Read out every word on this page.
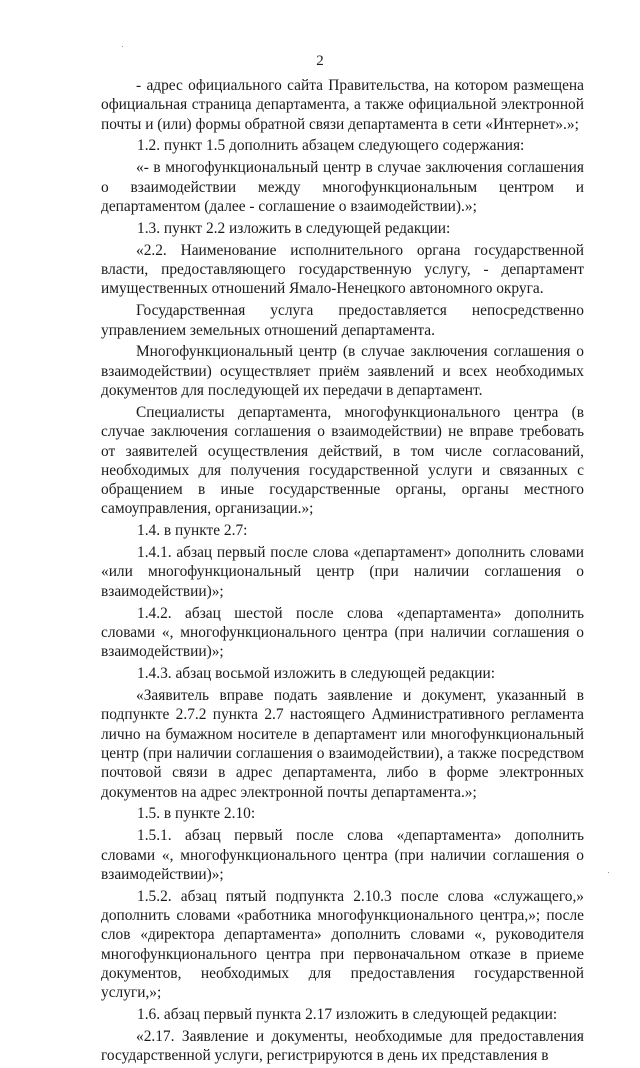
2

- адрес официального сайта Правительства, на котором размещена официальная страница департамента, а также официальной электронной почты и (или) формы обратной связи департамента в сети «Интернет».»;

1.2. пункт 1.5 дополнить абзацем следующего содержания:

«- в многофункциональный центр в случае заключения соглашения о взаимодействии между многофункциональным центром и департаментом (далее - соглашение о взаимодействии).»;

1.3. пункт 2.2 изложить в следующей редакции:

«2.2. Наименование исполнительного органа государственной власти, предоставляющего государственную услугу, - департамент имущественных отношений Ямало-Ненецкого автономного округа.

Государственная услуга предоставляется непосредственно управлением земельных отношений департамента.

Многофункциональный центр (в случае заключения соглашения о взаимодействии) осуществляет приём заявлений и всех необходимых документов для последующей их передачи в департамент.

Специалисты департамента, многофункционального центра (в случае заключения соглашения о взаимодействии) не вправе требовать от заявителей осуществления действий, в том числе согласований, необходимых для получения государственной услуги и связанных с обращением в иные государственные органы, органы местного самоуправления, организации.»;

1.4. в пункте 2.7:

1.4.1. абзац первый после слова «департамент» дополнить словами «или многофункциональный центр (при наличии соглашения о взаимодействии)»;

1.4.2. абзац шестой после слова «департамента» дополнить словами «, многофункционального центра (при наличии соглашения о взаимодействии)»;

1.4.3. абзац восьмой изложить в следующей редакции:

«Заявитель вправе подать заявление и документ, указанный в подпункте 2.7.2 пункта 2.7 настоящего Административного регламента лично на бумажном носителе в департамент или многофункциональный центр (при наличии соглашения о взаимодействии), а также посредством почтовой связи в адрес департамента, либо в форме электронных документов на адрес электронной почты департамента.»;

1.5. в пункте 2.10:

1.5.1. абзац первый после слова «департамента» дополнить словами «, многофункционального центра (при наличии соглашения о взаимодействии)»;

1.5.2. абзац пятый подпункта 2.10.3 после слова «служащего,» дополнить словами «работника многофункционального центра,»; после слов «директора департамента» дополнить словами «, руководителя многофункционального центра при первоначальном отказе в приеме документов, необходимых для предоставления государственной услуги,»;

1.6. абзац первый пункта 2.17 изложить в следующей редакции:

«2.17. Заявление и документы, необходимые для предоставления государственной услуги, регистрируются в день их представления в
